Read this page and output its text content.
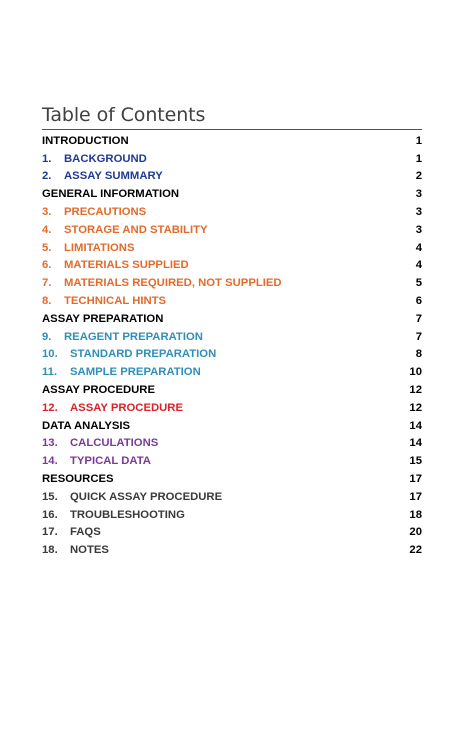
Table of Contents
INTRODUCTION	1
1.	BACKGROUND	1
2.	ASSAY SUMMARY	2
GENERAL INFORMATION	3
3.	PRECAUTIONS	3
4.	STORAGE AND STABILITY	3
5.	LIMITATIONS	4
6.	MATERIALS SUPPLIED	4
7.	MATERIALS REQUIRED, NOT SUPPLIED	5
8.	TECHNICAL HINTS	6
ASSAY PREPARATION	7
9.	REAGENT PREPARATION	7
10.	STANDARD PREPARATION	8
11.	SAMPLE PREPARATION	10
ASSAY PROCEDURE	12
12.	ASSAY PROCEDURE	12
DATA ANALYSIS	14
13.	CALCULATIONS	14
14.	TYPICAL DATA	15
RESOURCES	17
15.	QUICK ASSAY PROCEDURE	17
16.	TROUBLESHOOTING	18
17.	FAQS	20
18.	NOTES	22
